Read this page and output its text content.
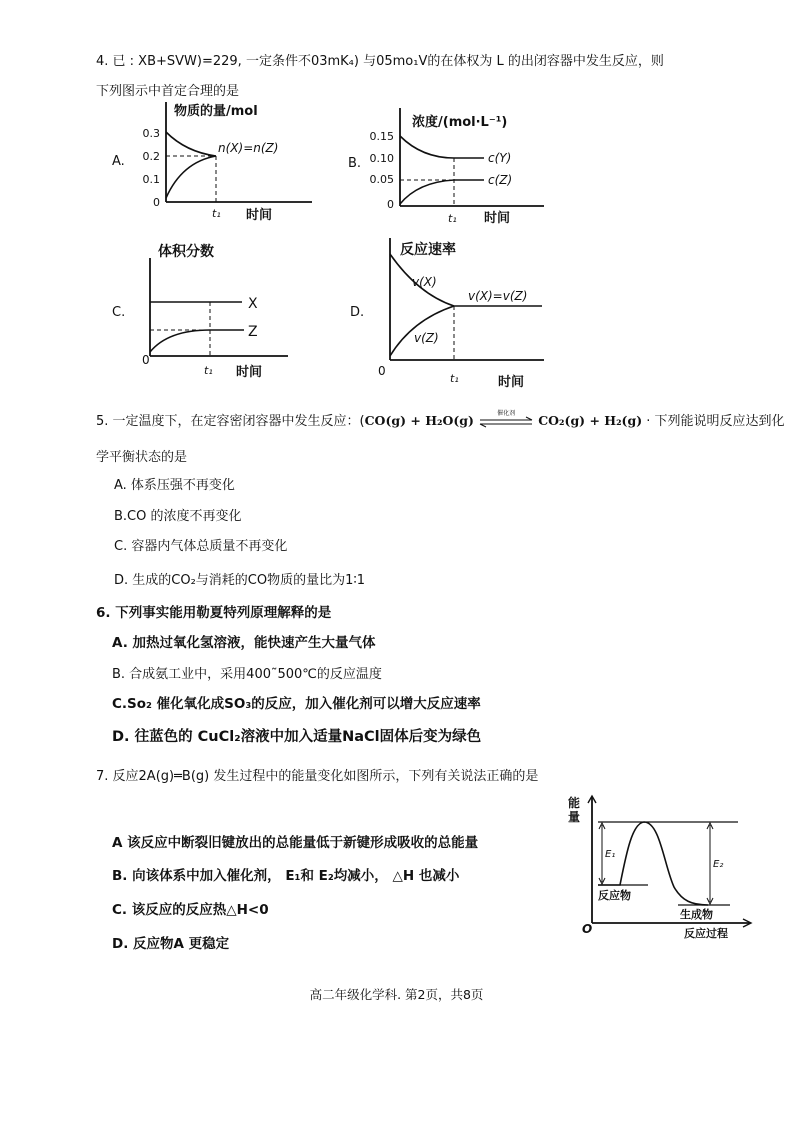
4. 已 : XB+SVW)=229, 一定条件不03mK₄) 与05mo₁V的在体权为 L 的出闭容器中发生反应，则
下列图示中首定合理的是
A.
物质的量/mol
0.3
0.2
0.1
0
n(X)=n(Z)
t₁ 时间
B.
浓度/(mol·L⁻¹)
0.15
0.10
0.05
0
c(Y)
c(Z)
t₁ 时间
C.
体积分数
0
X
Z
t₁ 时间
D.
反应速率
0
v(X)
v(Z)
v(X)=v(Z)
t₁	时间
5. 一定温度下，在定容密闭容器中发生反应：(CO(g) + H₂O(g)	催化剂	CO₂(g) + H₂(g) · 下列能说明反应达到化
学平衡状态的是
A. 体系压强不再变化
B.CO 的浓度不再变化
C. 容器内气体总质量不再变化
D. 生成的CO₂与消耗的CO物质的量比为1∶1
6. 下列事实能用勒夏特列原理解释的是
A. 加热过氧化氢溶液，能快速产生大量气体
B. 合成氨工业中，采用400˜500℃的反应温度
C.So₂ 催化氧化成SO₃的反应，加入催化剂可以增大反应速率
D. 往蓝色的 CuCl₂溶液中加入适量NaCl固体后变为绿色
7. 反应2A(g)═B(g) 发生过程中的能量变化如图所示，下列有关说法正确的是
A 该反应中断裂旧键放出的总能量低于新键形成吸收的总能量
B. 向该体系中加入催化剂， E₁和 E₂均减小， △H 也减小
C. 该反应的反应热△H<0
D. 反应物A 更稳定
能
量
E₁
E₂
反应物
生成物
O	反应过程
高二年级化学科. 第2页，共8页
